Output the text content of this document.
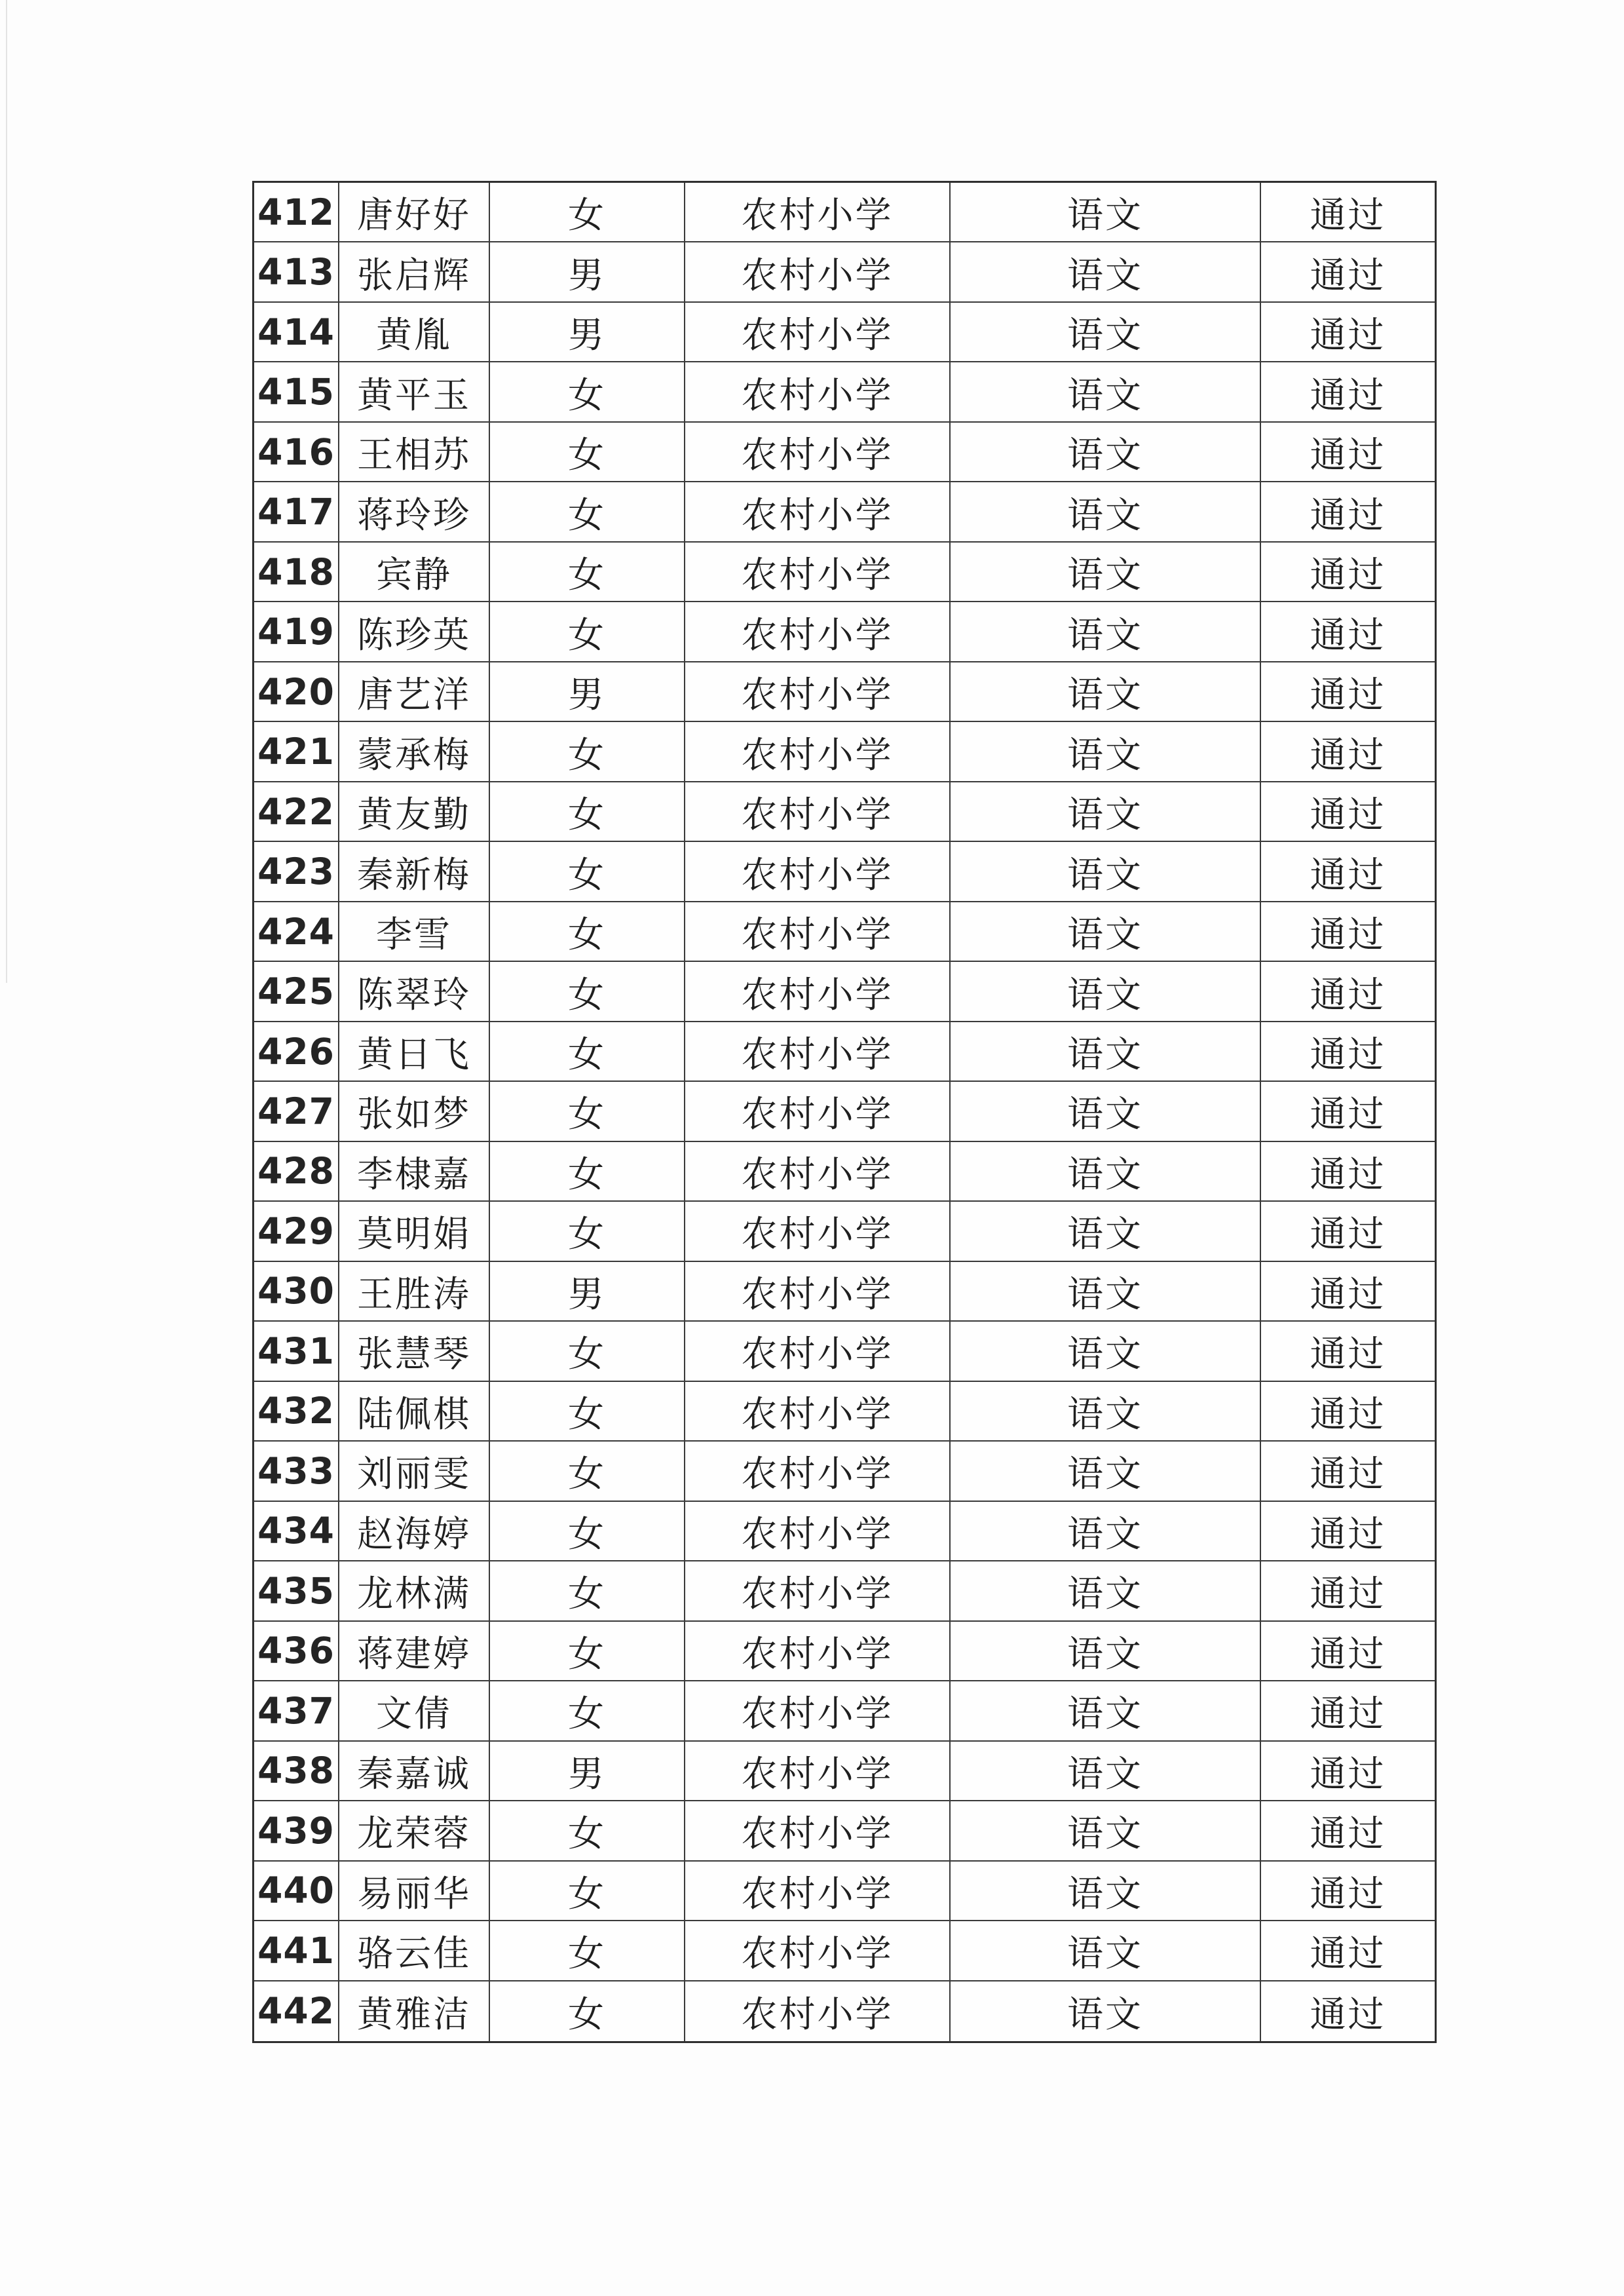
412 唐好好	女	农村小学	语文	通过
413 张启辉	男	农村小学	语文	通过
414	黄胤	男	农村小学	语文	通过
415 黄平玉	女	农村小学	语文	通过
416 王相苏	女	农村小学	语文	通过
417 蒋玲珍	女	农村小学	语文	通过
418	宾静	女	农村小学	语文	通过
419 陈珍英	女	农村小学	语文	通过
420 唐艺洋	男	农村小学	语文	通过
421 蒙承梅	女	农村小学	语文	通过
422 黄友勤	女	农村小学	语文	通过
423 秦新梅	女	农村小学	语文	通过
424	李雪	女	农村小学	语文	通过
425 陈翠玲	女	农村小学	语文	通过
426 黄日飞	女	农村小学	语文	通过
427 张如梦	女	农村小学	语文	通过
428 李棣嘉	女	农村小学	语文	通过
429 莫明娟	女	农村小学	语文	通过
430 王胜涛	男	农村小学	语文	通过
431 张慧琴	女	农村小学	语文	通过
432 陆佩棋	女	农村小学	语文	通过
433 刘丽雯	女	农村小学	语文	通过
434 赵海婷	女	农村小学	语文	通过
435 龙林满	女	农村小学	语文	通过
436 蒋建婷	女	农村小学	语文	通过
437	文倩	女	农村小学	语文	通过
438 秦嘉诚	男	农村小学	语文	通过
439 龙荣蓉	女	农村小学	语文	通过
440 易丽华	女	农村小学	语文	通过
441 骆云佳	女	农村小学	语文	通过
442 黄雅洁	女	农村小学	语文	通过
